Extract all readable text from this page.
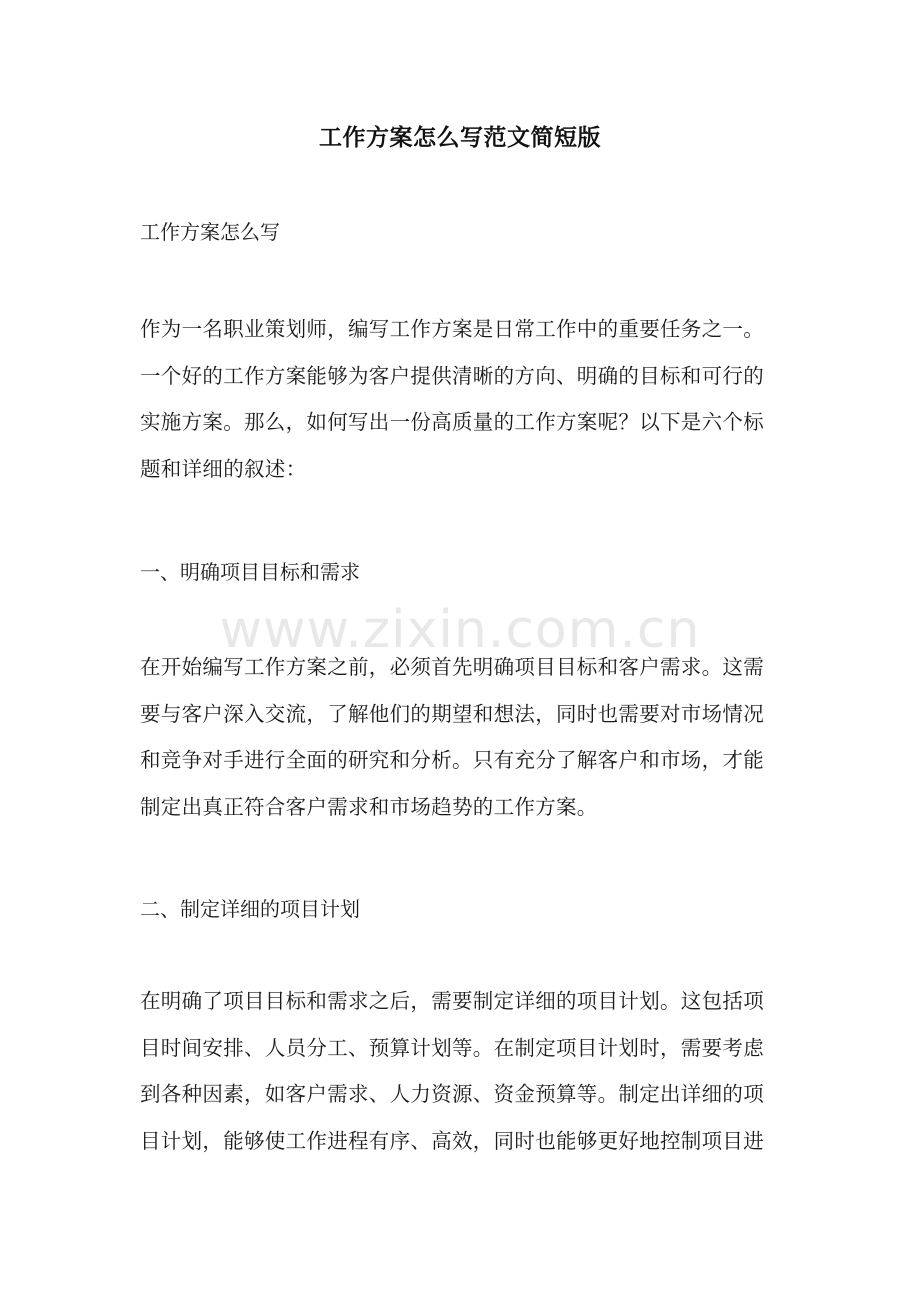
工作方案怎么写范文简短版
工作方案怎么写
作为一名职业策划师，编写工作方案是日常工作中的重要任务之一。
一个好的工作方案能够为客户提供清晰的方向、明确的目标和可行的
实施方案。那么，如何写出一份高质量的工作方案呢？以下是六个标
题和详细的叙述：
一、明确项目目标和需求
在开始编写工作方案之前，必须首先明确项目目标和客户需求。这需
要与客户深入交流，了解他们的期望和想法，同时也需要对市场情况
和竞争对手进行全面的研究和分析。只有充分了解客户和市场，才能
制定出真正符合客户需求和市场趋势的工作方案。
二、制定详细的项目计划
在明确了项目目标和需求之后，需要制定详细的项目计划。这包括项
目时间安排、人员分工、预算计划等。在制定项目计划时，需要考虑
到各种因素，如客户需求、人力资源、资金预算等。制定出详细的项
目计划，能够使工作进程有序、高效，同时也能够更好地控制项目进
www.zixin.com.cn
